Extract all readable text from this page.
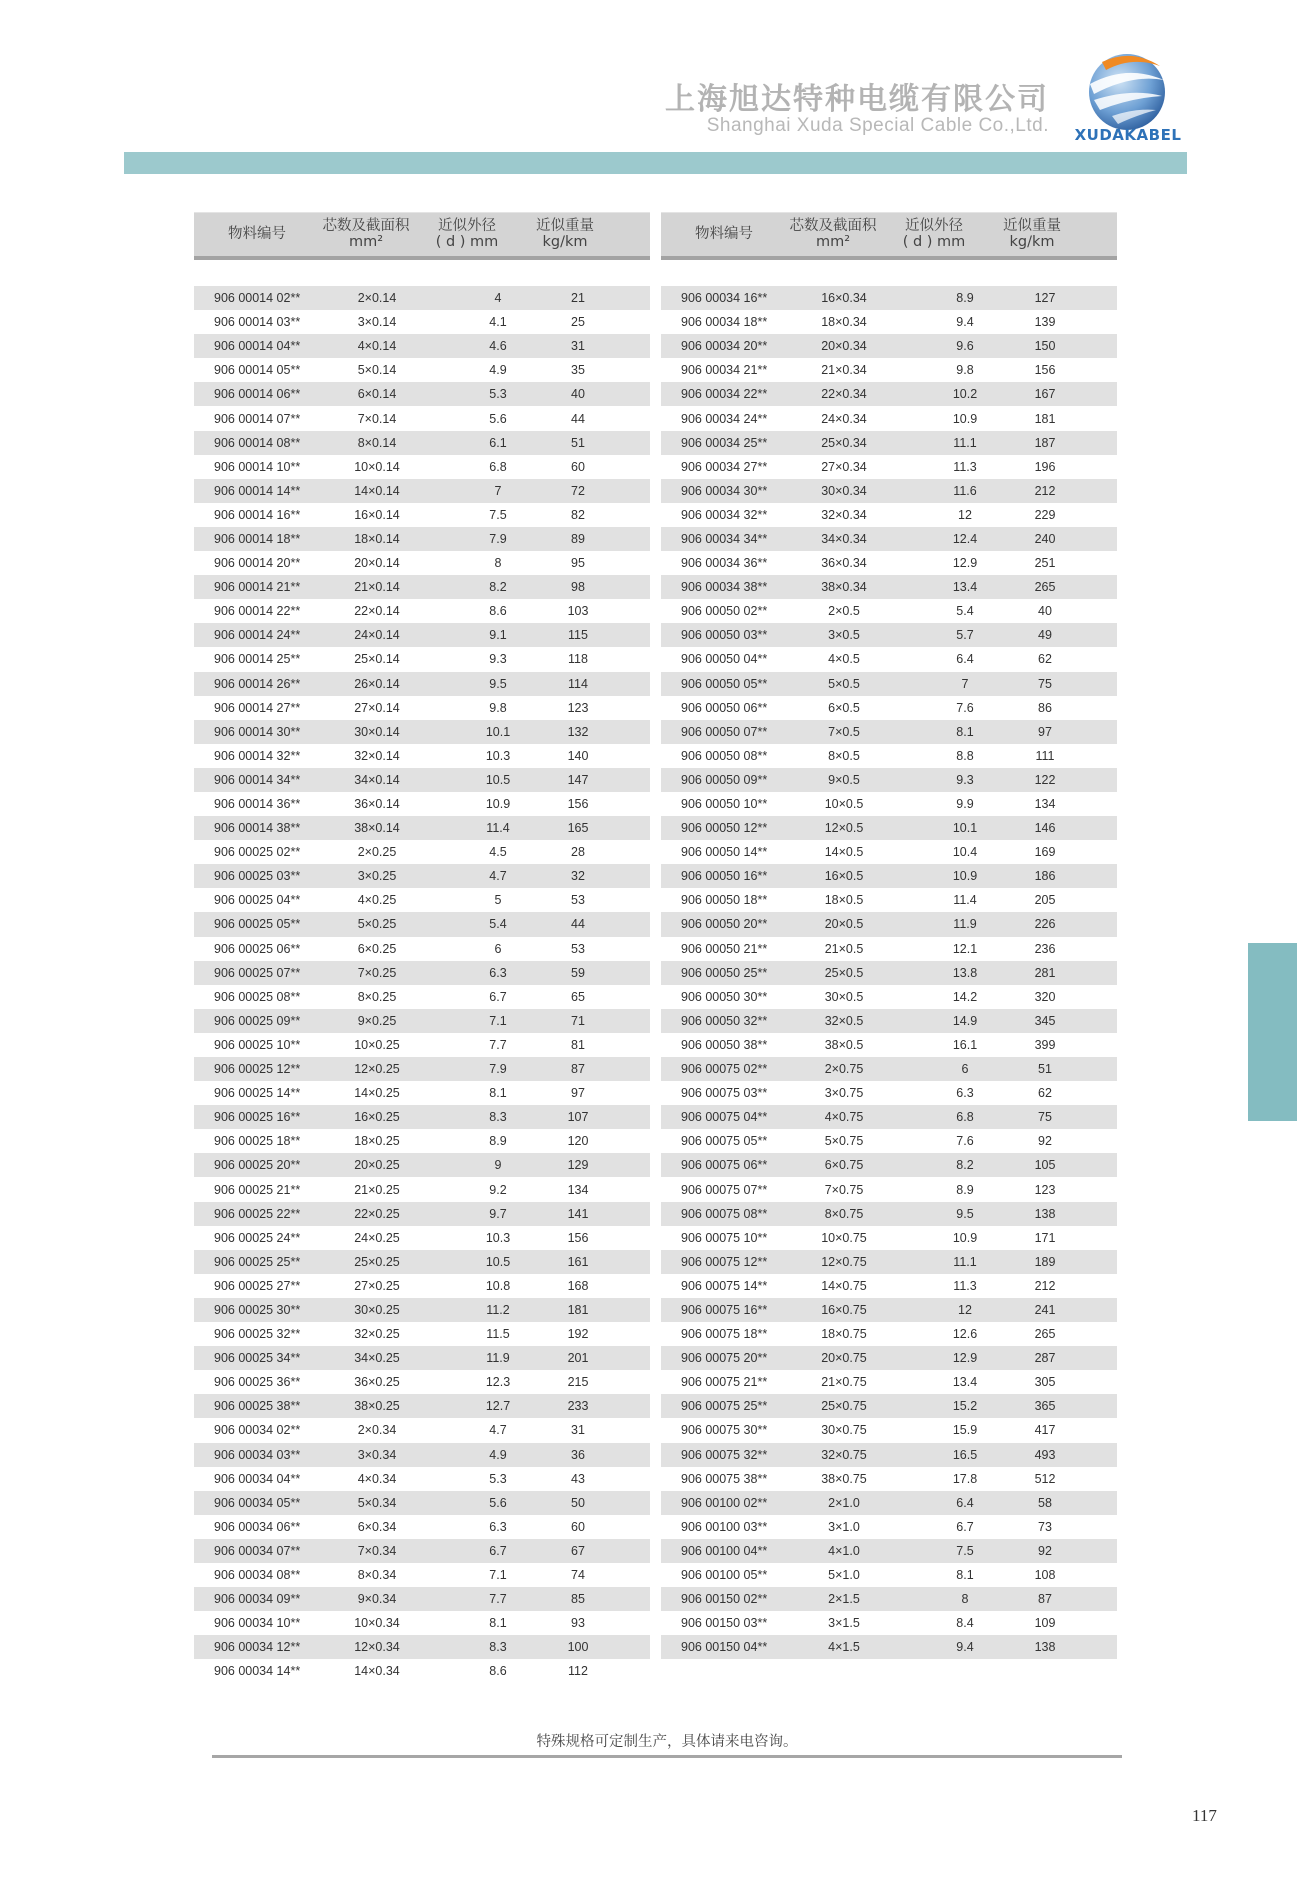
上海旭达特种电缆有限公司
Shanghai Xuda Special Cable Co.,Ltd.	XUDAKABEL
物料编号	芯数及截面积
mm²
近似外径
( d ) mm
近似重量
kg/km
906 00014 02**	2×0.14	4	21
906 00014 03**	3×0.14	4.1	25
906 00014 04**	4×0.14	4.6	31
906 00014 05**	5×0.14	4.9	35
906 00014 06**	6×0.14	5.3	40
906 00014 07**	7×0.14	5.6	44
906 00014 08**	8×0.14	6.1	51
906 00014 10**	10×0.14	6.8	60
906 00014 14**	14×0.14	7	72
906 00014 16**	16×0.14	7.5	82
906 00014 18**	18×0.14	7.9	89
906 00014 20**	20×0.14	8	95
906 00014 21**	21×0.14	8.2	98
906 00014 22**	22×0.14	8.6	103
906 00014 24**	24×0.14	9.1	115
906 00014 25**	25×0.14	9.3	118
906 00014 26**	26×0.14	9.5	114
906 00014 27**	27×0.14	9.8	123
906 00014 30**	30×0.14	10.1	132
906 00014 32**	32×0.14	10.3	140
906 00014 34**	34×0.14	10.5	147
906 00014 36**	36×0.14	10.9	156
906 00014 38**	38×0.14	11.4	165
906 00025 02**	2×0.25	4.5	28
906 00025 03**	3×0.25	4.7	32
906 00025 04**	4×0.25	5	53
906 00025 05**	5×0.25	5.4	44
906 00025 06**	6×0.25	6	53
906 00025 07**	7×0.25	6.3	59
906 00025 08**	8×0.25	6.7	65
906 00025 09**	9×0.25	7.1	71
906 00025 10**	10×0.25	7.7	81
906 00025 12**	12×0.25	7.9	87
906 00025 14**	14×0.25	8.1	97
906 00025 16**	16×0.25	8.3	107
906 00025 18**	18×0.25	8.9	120
906 00025 20**	20×0.25	9	129
906 00025 21**	21×0.25	9.2	134
906 00025 22**	22×0.25	9.7	141
906 00025 24**	24×0.25	10.3	156
906 00025 25**	25×0.25	10.5	161
906 00025 27**	27×0.25	10.8	168
906 00025 30**	30×0.25	11.2	181
906 00025 32**	32×0.25	11.5	192
906 00025 34**	34×0.25	11.9	201
906 00025 36**	36×0.25	12.3	215
906 00025 38**	38×0.25	12.7	233
906 00034 02**	2×0.34	4.7	31
906 00034 03**	3×0.34	4.9	36
906 00034 04**	4×0.34	5.3	43
906 00034 05**	5×0.34	5.6	50
906 00034 06**	6×0.34	6.3	60
906 00034 07**	7×0.34	6.7	67
906 00034 08**	8×0.34	7.1	74
906 00034 09**	9×0.34	7.7	85
906 00034 10**	10×0.34	8.1	93
906 00034 12**	12×0.34	8.3	100
906 00034 14**	14×0.34	8.6	112
物料编号	芯数及截面积
mm²
近似外径
( d ) mm
近似重量
kg/km
906 00034 16**	16×0.34	8.9	127
906 00034 18**	18×0.34	9.4	139
906 00034 20**	20×0.34	9.6	150
906 00034 21**	21×0.34	9.8	156
906 00034 22**	22×0.34	10.2	167
906 00034 24**	24×0.34	10.9	181
906 00034 25**	25×0.34	11.1	187
906 00034 27**	27×0.34	11.3	196
906 00034 30**	30×0.34	11.6	212
906 00034 32**	32×0.34	12	229
906 00034 34**	34×0.34	12.4	240
906 00034 36**	36×0.34	12.9	251
906 00034 38**	38×0.34	13.4	265
906 00050 02**	2×0.5	5.4	40
906 00050 03**	3×0.5	5.7	49
906 00050 04**	4×0.5	6.4	62
906 00050 05**	5×0.5	7	75
906 00050 06**	6×0.5	7.6	86
906 00050 07**	7×0.5	8.1	97
906 00050 08**	8×0.5	8.8	111
906 00050 09**	9×0.5	9.3	122
906 00050 10**	10×0.5	9.9	134
906 00050 12**	12×0.5	10.1	146
906 00050 14**	14×0.5	10.4	169
906 00050 16**	16×0.5	10.9	186
906 00050 18**	18×0.5	11.4	205
906 00050 20**	20×0.5	11.9	226
906 00050 21**	21×0.5	12.1	236
906 00050 25**	25×0.5	13.8	281
906 00050 30**	30×0.5	14.2	320
906 00050 32**	32×0.5	14.9	345
906 00050 38**	38×0.5	16.1	399
906 00075 02**	2×0.75	6	51
906 00075 03**	3×0.75	6.3	62
906 00075 04**	4×0.75	6.8	75
906 00075 05**	5×0.75	7.6	92
906 00075 06**	6×0.75	8.2	105
906 00075 07**	7×0.75	8.9	123
906 00075 08**	8×0.75	9.5	138
906 00075 10**	10×0.75	10.9	171
906 00075 12**	12×0.75	11.1	189
906 00075 14**	14×0.75	11.3	212
906 00075 16**	16×0.75	12	241
906 00075 18**	18×0.75	12.6	265
906 00075 20**	20×0.75	12.9	287
906 00075 21**	21×0.75	13.4	305
906 00075 25**	25×0.75	15.2	365
906 00075 30**	30×0.75	15.9	417
906 00075 32**	32×0.75	16.5	493
906 00075 38**	38×0.75	17.8	512
906 00100 02**	2×1.0	6.4	58
906 00100 03**	3×1.0	6.7	73
906 00100 04**	4×1.0	7.5	92
906 00100 05**	5×1.0	8.1	108
906 00150 02**	2×1.5	8	87
906 00150 03**	3×1.5	8.4	109
906 00150 04**	4×1.5	9.4	138
特殊规格可定制生产，具体请来电咨询。
117
